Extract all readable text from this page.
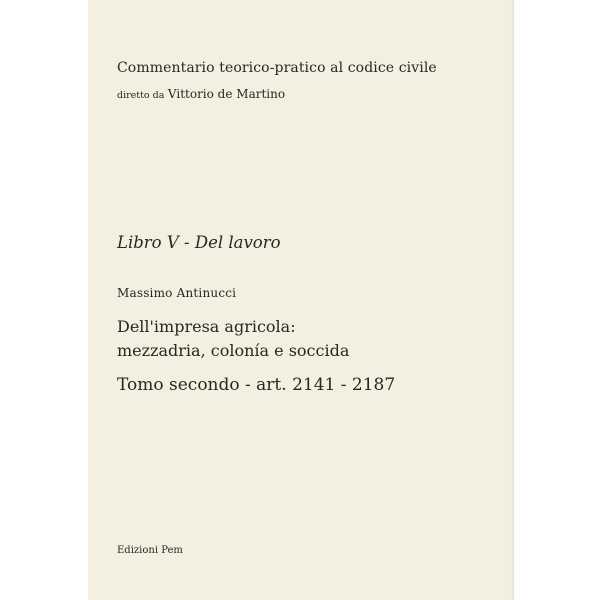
Commentario teorico-pratico al codice civile
diretto da Vittorio de Martino
Libro V - Del lavoro
Massimo Antinucci
Dell'impresa agricola:
mezzadria, colonía e soccida
Tomo secondo - art. 2141 - 2187
Edizioni Pem
